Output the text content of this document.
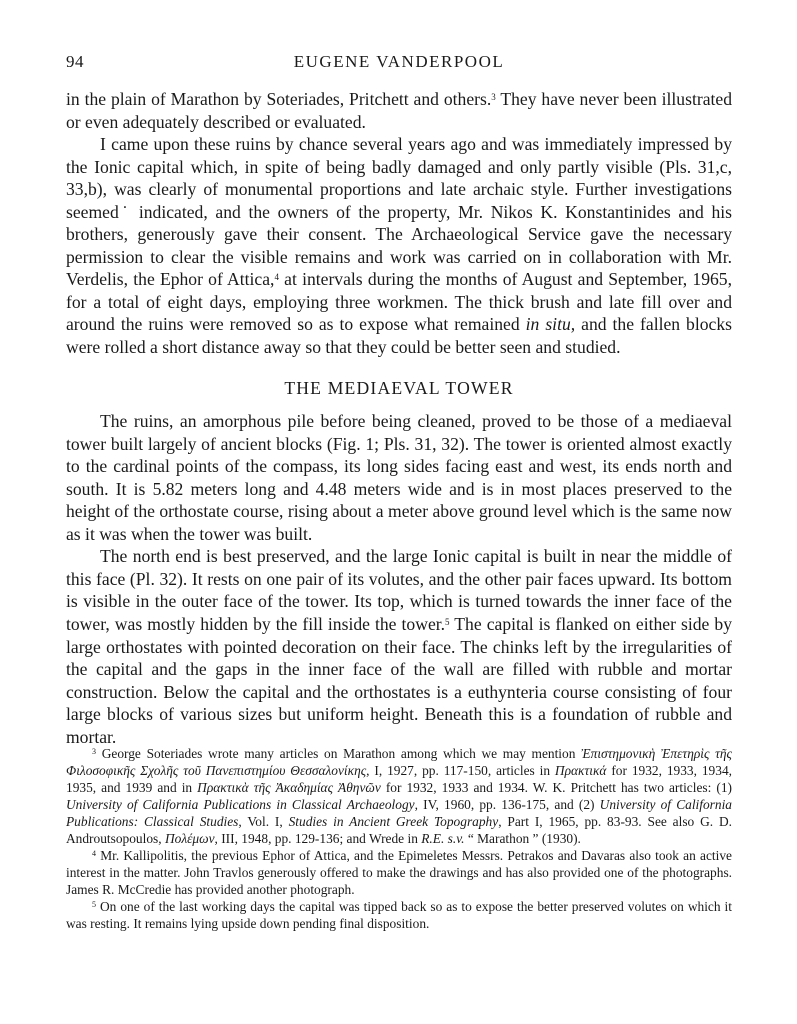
94	EUGENE VANDERPOOL

in the plain of Marathon by Soteriades, Pritchett and others.$^3$ They have never been illustrated or even adequately described or evaluated.

I came upon these ruins by chance several years ago and was immediately impressed by the Ionic capital which, in spite of being badly damaged and only partly visible (Pls. 31,c, 33,b), was clearly of monumental proportions and late archaic style. Further investigations seemed˙ indicated, and the owners of the property, Mr. Nikos K. Konstantinides and his brothers, generously gave their consent. The Archaeological Service gave the necessary permission to clear the visible remains and work was carried on in collaboration with Mr. Verdelis, the Ephor of Attica,$^4$ at intervals during the months of August and September, 1965, for a total of eight days, employing three workmen. The thick brush and late fill over and around the ruins were removed so as to expose what remained in situ, and the fallen blocks were rolled a short distance away so that they could be better seen and studied.

THE MEDIAEVAL TOWER

The ruins, an amorphous pile before being cleaned, proved to be those of a mediaeval tower built largely of ancient blocks (Fig. 1; Pls. 31, 32). The tower is oriented almost exactly to the cardinal points of the compass, its long sides facing east and west, its ends north and south. It is 5.82 meters long and 4.48 meters wide and is in most places preserved to the height of the orthostate course, rising about a meter above ground level which is the same now as it was when the tower was built.

The north end is best preserved, and the large Ionic capital is built in near the middle of this face (Pl. 32). It rests on one pair of its volutes, and the other pair faces upward. Its bottom is visible in the outer face of the tower. Its top, which is turned towards the inner face of the tower, was mostly hidden by the fill inside the tower.$^5$ The capital is flanked on either side by large orthostates with pointed decoration on their face. The chinks left by the irregularities of the capital and the gaps in the inner face of the wall are filled with rubble and mortar construction. Below the capital and the orthostates is a euthynteria course consisting of four large blocks of various sizes but uniform height. Beneath this is a foundation of rubble and mortar.

$^3$ George Soteriades wrote many articles on Marathon among which we may mention Ἐπιστημονικὴ Ἐπετηρὶς τῆς Φιλοσοφικῆς Σχολῆς τοῦ Πανεπιστημίου Θεσσαλονίκης, I, 1927, pp. 117-150, articles in Πρακτικά for 1932, 1933, 1934, 1935, and 1939 and in Πρακτικὰ τῆς Ἀκαδημίας Ἀθηνῶν for 1932, 1933 and 1934. W. K. Pritchett has two articles: (1) University of California Publications in Classical Archaeology, IV, 1960, pp. 136-175, and (2) University of California Publications: Classical Studies, Vol. I, Studies in Ancient Greek Topography, Part I, 1965, pp. 83-93. See also G. D. Androutsopoulos, Πολέμων, III, 1948, pp. 129-136; and Wrede in R.E. s.v. “ Marathon ” (1930).

$^4$ Mr. Kallipolitis, the previous Ephor of Attica, and the Epimeletes Messrs. Petrakos and Davaras also took an active interest in the matter. John Travlos generously offered to make the drawings and has also provided one of the photographs. James R. McCredie has provided another photograph.

$^5$ On one of the last working days the capital was tipped back so as to expose the better preserved volutes on which it was resting. It remains lying upside down pending final disposition.
